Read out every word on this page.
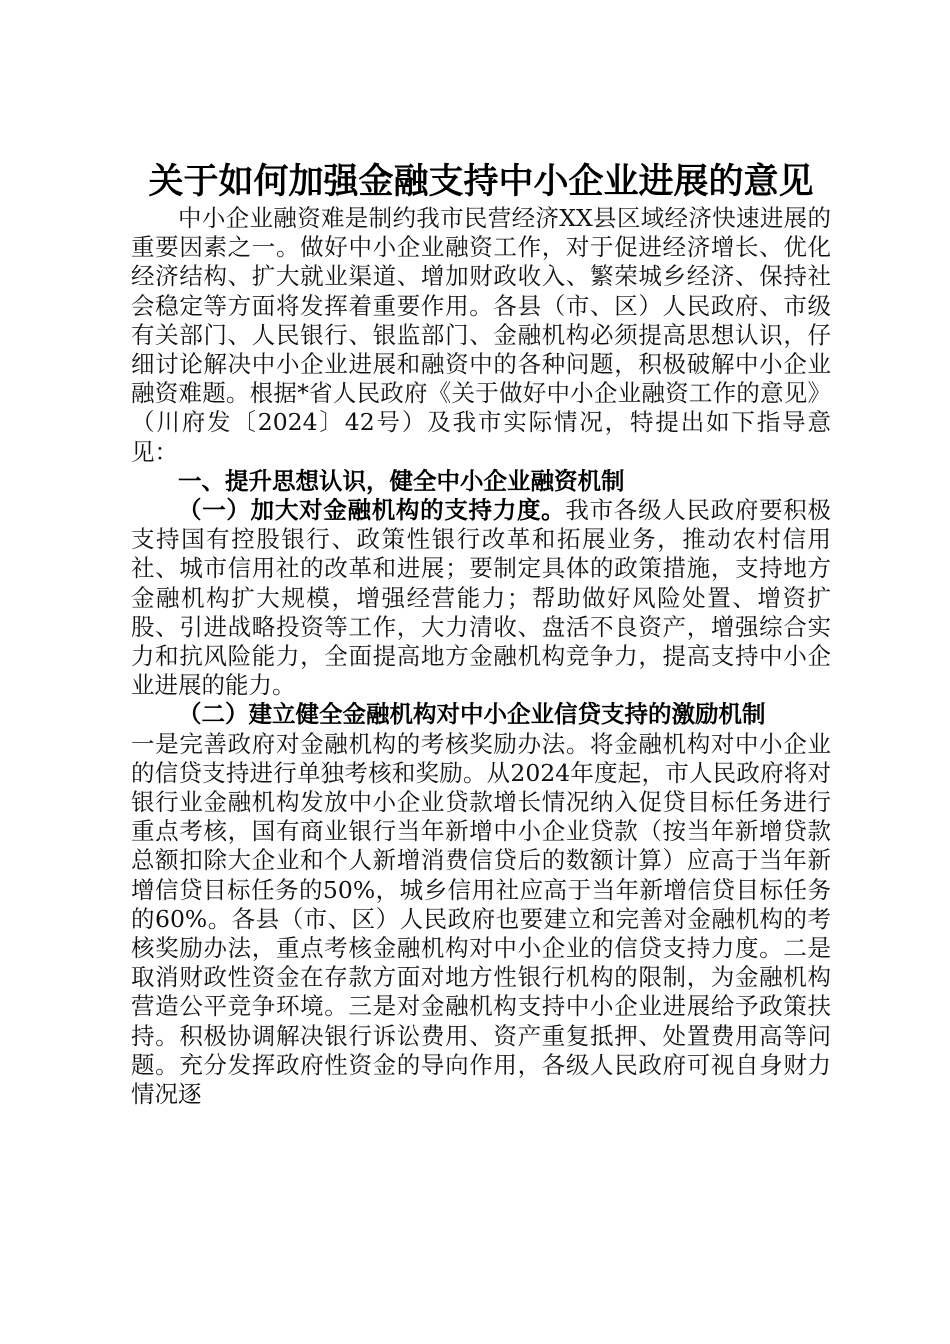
关于如何加强金融支持中小企业进展的意见

中小企业融资难是制约我市民营经济XX县区域经济快速进展的重要因素之一。做好中小企业融资工作，对于促进经济增长、优化经济结构、扩大就业渠道、增加财政收入、繁荣城乡经济、保持社会稳定等方面将发挥着重要作用。各县（市、区）人民政府、市级有关部门、人民银行、银监部门、金融机构必须提高思想认识，仔细讨论解决中小企业进展和融资中的各种问题，积极破解中小企业融资难题。根据*省人民政府《关于做好中小企业融资工作的意见》（川府发〔2024〕42号）及我市实际情况，特提出如下指导意见：

一、提升思想认识，健全中小企业融资机制

（一）加大对金融机构的支持力度。我市各级人民政府要积极支持国有控股银行、政策性银行改革和拓展业务，推动农村信用社、城市信用社的改革和进展；要制定具体的政策措施，支持地方金融机构扩大规模，增强经营能力；帮助做好风险处置、增资扩股、引进战略投资等工作，大力清收、盘活不良资产，增强综合实力和抗风险能力，全面提高地方金融机构竞争力，提高支持中小企业进展的能力。

（二）建立健全金融机构对中小企业信贷支持的激励机制

一是完善政府对金融机构的考核奖励办法。将金融机构对中小企业的信贷支持进行单独考核和奖励。从2024年度起，市人民政府将对银行业金融机构发放中小企业贷款增长情况纳入促贷目标任务进行重点考核，国有商业银行当年新增中小企业贷款（按当年新增贷款总额扣除大企业和个人新增消费信贷后的数额计算）应高于当年新增信贷目标任务的50%，城乡信用社应高于当年新增信贷目标任务的60%。各县（市、区）人民政府也要建立和完善对金融机构的考核奖励办法，重点考核金融机构对中小企业的信贷支持力度。二是取消财政性资金在存款方面对地方性银行机构的限制，为金融机构营造公平竞争环境。三是对金融机构支持中小企业进展给予政策扶持。积极协调解决银行诉讼费用、资产重复抵押、处置费用高等问题。充分发挥政府性资金的导向作用，各级人民政府可视自身财力情况逐
